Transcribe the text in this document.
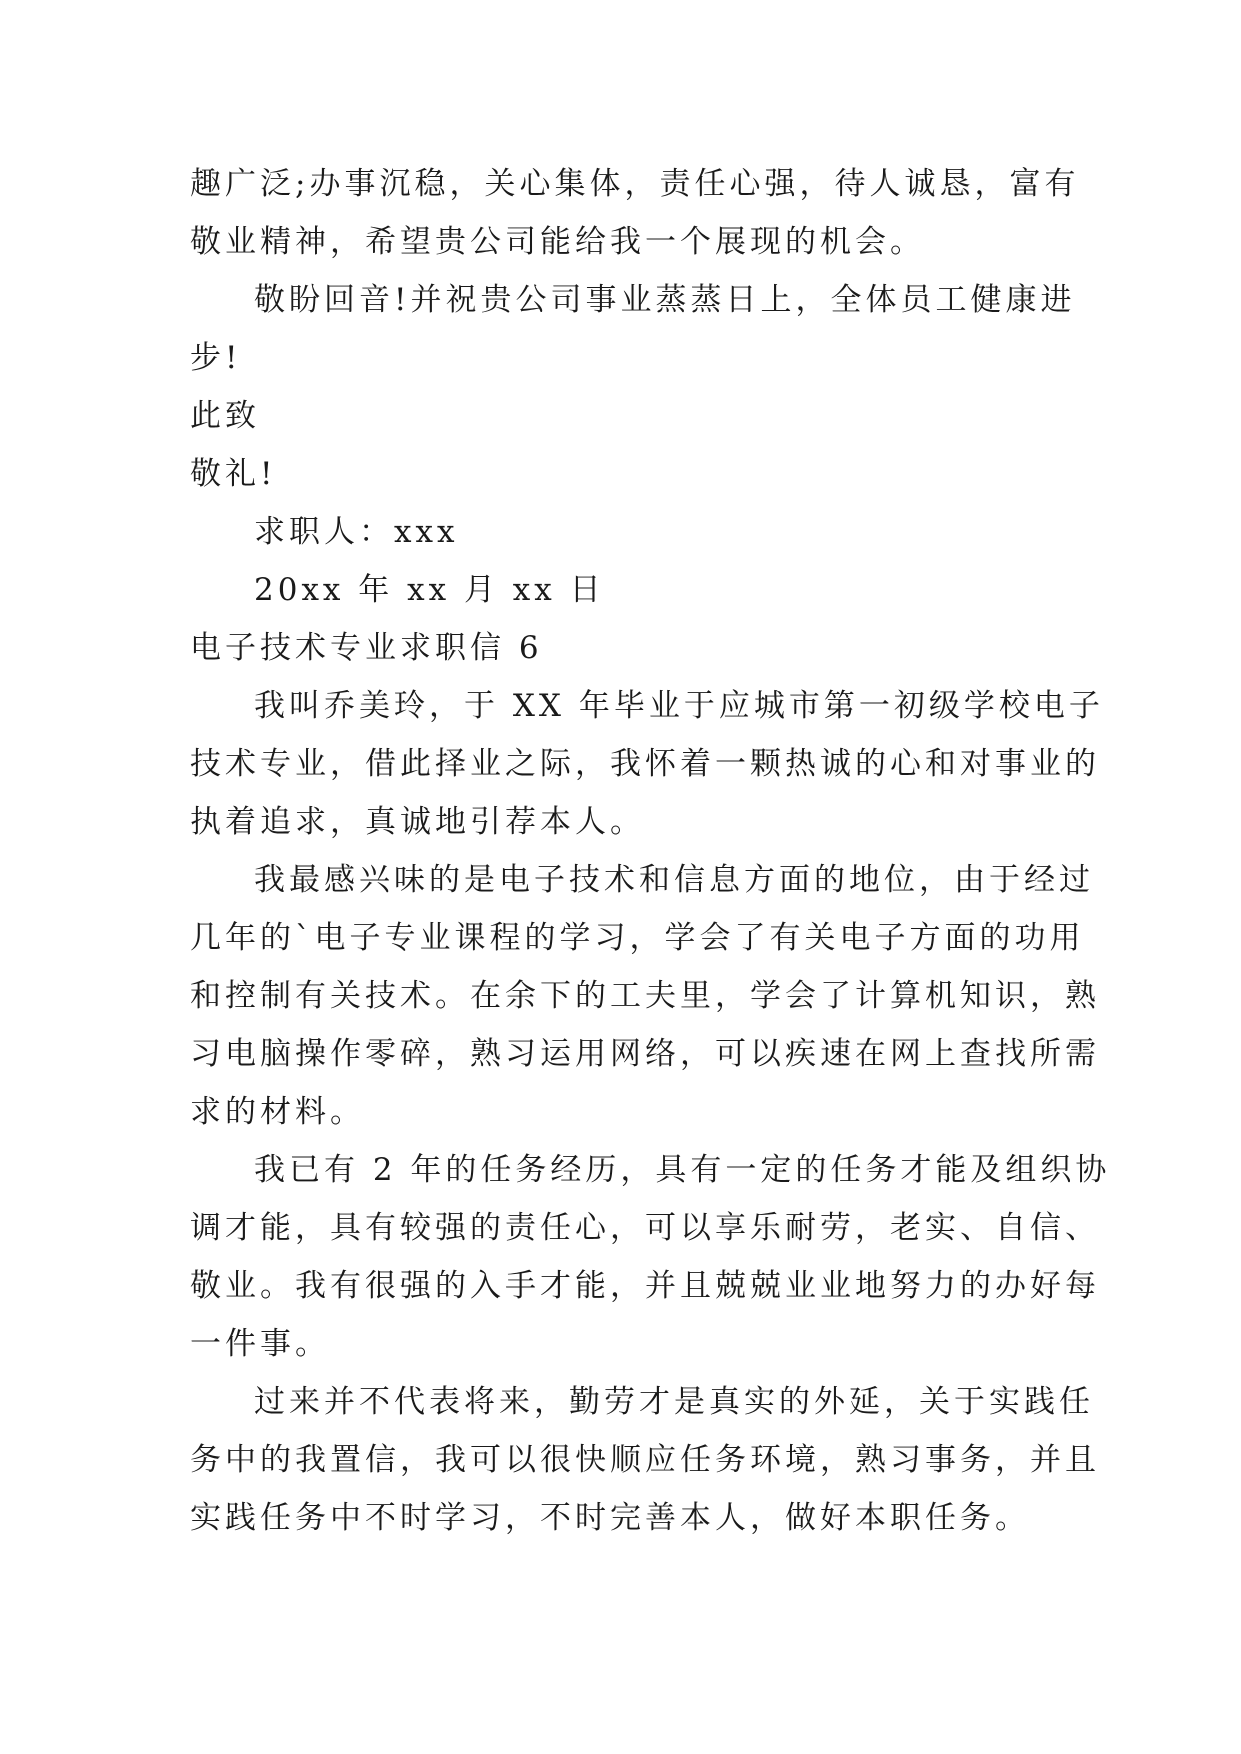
趣广泛;办事沉稳，关心集体，责任心强，待人诚恳，富有
敬业精神，希望贵公司能给我一个展现的机会。
敬盼回音!并祝贵公司事业蒸蒸日上，全体员工健康进
步!
此致
敬礼!
求职人：xxx
20xx 年 xx 月 xx 日
电子技术专业求职信 6
我叫乔美玲，于 XX 年毕业于应城市第一初级学校电子
技术专业，借此择业之际，我怀着一颗热诚的心和对事业的
执着追求，真诚地引荐本人。
我最感兴味的是电子技术和信息方面的地位，由于经过
几年的`电子专业课程的学习，学会了有关电子方面的功用
和控制有关技术。在余下的工夫里，学会了计算机知识，熟
习电脑操作零碎，熟习运用网络，可以疾速在网上查找所需
求的材料。
我已有 2 年的任务经历，具有一定的任务才能及组织协
调才能，具有较强的责任心，可以享乐耐劳，老实、自信、
敬业。我有很强的入手才能，并且兢兢业业地努力的办好每
一件事。
过来并不代表将来，勤劳才是真实的外延，关于实践任
务中的我置信，我可以很快顺应任务环境，熟习事务，并且
实践任务中不时学习，不时完善本人，做好本职任务。
